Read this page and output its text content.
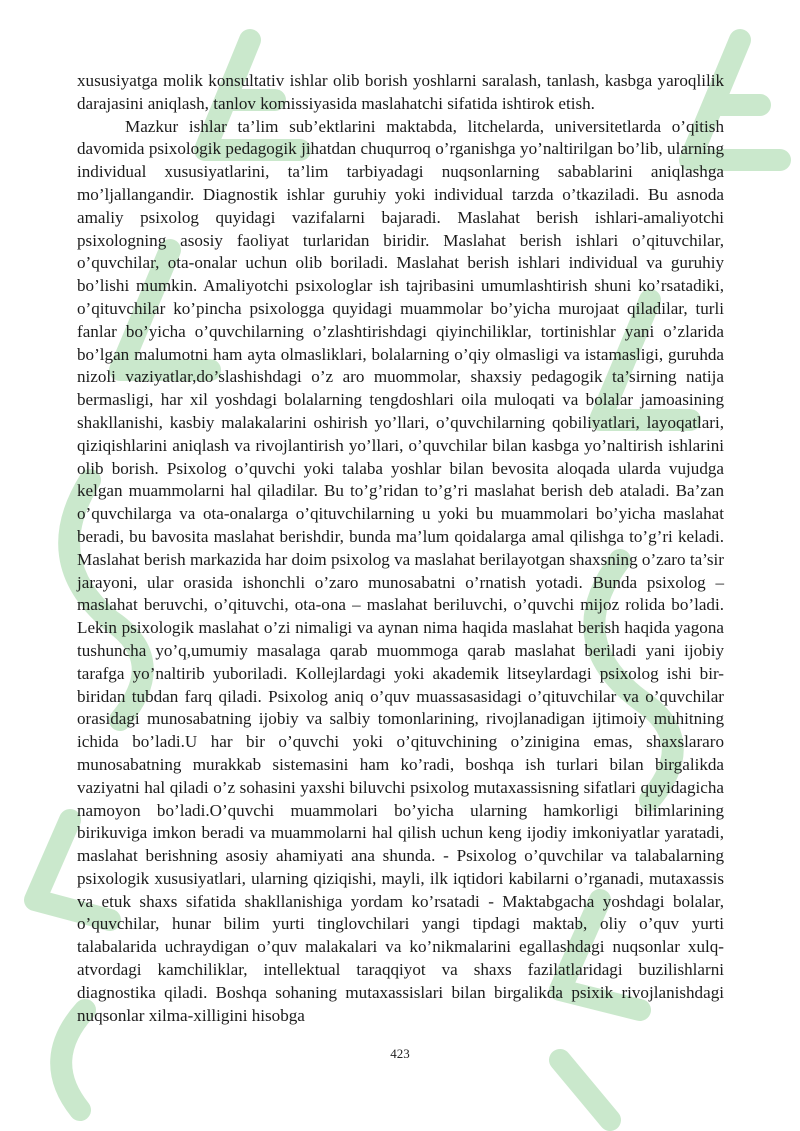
xususiyatga molik konsultativ ishlar olib borish yoshlarni saralash, tanlash, kasbga yaroqlilik darajasini aniqlash, tanlov komissiyasida maslahatchi sifatida ishtirok etish.

Mazkur ishlar ta’lim sub’ektlarini maktabda, litchelarda, universitetlarda o’qitish davomida psixologik pedagogik jihatdan chuqurroq o’rganishga yo’naltirilgan bo’lib, ularning individual xususiyatlarini, ta’lim tarbiyadagi nuqsonlarning sabablarini aniqlashga mo’ljallangandir. Diagnostik ishlar guruhiy yoki individual tarzda o’tkaziladi. Bu asnoda amaliy psixolog quyidagi vazifalarni bajaradi. Maslahat berish ishlari-amaliyotchi psixologning asosiy faoliyat turlaridan biridir. Maslahat berish ishlari o’qituvchilar, o’quvchilar, ota-onalar uchun olib boriladi. Maslahat berish ishlari individual va guruhiy bo’lishi mumkin. Amaliyotchi psixologlar ish tajribasini umumlashtirish shuni ko’rsatadiki, o’qituvchilar ko’pincha psixologga quyidagi muammolar bo’yicha murojaat qiladilar, turli fanlar bo’yicha o’quvchilarning o’zlashtirishdagi qiyinchiliklar, tortinishlar yani o’zlarida bo’lgan malumotni ham ayta olmasliklari, bolalarning o’qiy olmasligi va istamasligi, guruhda nizoli vaziyatlar,do’slashishdagi o’z aro muommolar, shaxsiy pedagogik ta’sirning natija bermasligi, har xil yoshdagi bolalarning tengdoshlari oila muloqati va bolalar jamoasining shakllanishi, kasbiy malakalarini oshirish yo’llari, o’quvchilarning qobiliyatlari, layoqatlari, qiziqishlarini aniqlash va rivojlantirish yo’llari, o’quvchilar bilan kasbga yo’naltirish ishlarini olib borish. Psixolog o’quvchi yoki talaba yoshlar bilan bevosita aloqada ularda vujudga kelgan muammolarni hal qiladilar. Bu to’g’ridan to’g’ri maslahat berish deb ataladi. Ba’zan o’quvchilarga va ota-onalarga o’qituvchilarning u yoki bu muammolari bo’yicha maslahat beradi, bu bavosita maslahat berishdir, bunda ma’lum qoidalarga amal qilishga to’g’ri keladi. Maslahat berish markazida har doim psixolog va maslahat berilayotgan shaxsning o’zaro ta’sir jarayoni, ular orasida ishonchli o’zaro munosabatni o’rnatish yotadi. Bunda psixolog – maslahat beruvchi, o’qituvchi, ota-ona – maslahat beriluvchi, o’quvchi mijoz rolida bo’ladi. Lekin psixologik maslahat o’zi nimaligi va aynan nima haqida maslahat berish haqida yagona tushuncha yo’q,umumiy masalaga qarab muommoga qarab maslahat beriladi yani ijobiy tarafga yo’naltirib yuboriladi. Kollejlardagi yoki akademik litseylardagi psixolog ishi bir-biridan tubdan farq qiladi. Psixolog aniq o’quv muassasasidagi o’qituvchilar va o’quvchilar orasidagi munosabatning ijobiy va salbiy tomonlarining, rivojlanadigan ijtimoiy muhitning ichida bo’ladi.U har bir o’quvchi yoki o’qituvchining o’zinigina emas, shaxslararo munosabatning murakkab sistemasini ham ko’radi, boshqa ish turlari bilan birgalikda vaziyatni hal qiladi o’z sohasini yaxshi biluvchi psixolog mutaxassisning sifatlari quyidagicha namoyon bo’ladi.O’quvchi muammolari bo’yicha ularning hamkorligi bilimlarining birikuviga imkon beradi va muammolarni hal qilish uchun keng ijodiy imkoniyatlar yaratadi, maslahat berishning asosiy ahamiyati ana shunda. - Psixolog o’quvchilar va talabalarning psixologik xususiyatlari, ularning qiziqishi, mayli, ilk iqtidori kabilarni o’rganadi, mutaxassis va etuk shaxs sifatida shakllanishiga yordam ko’rsatadi - Maktabgacha yoshdagi bolalar, o’quvchilar, hunar bilim yurti tinglovchilari yangi tipdagi maktab, oliy o’quv yurti talabalarida uchraydigan o’quv malakalari va ko’nikmalarini egallashdagi nuqsonlar xulq-atvordagi kamchiliklar, intellektual taraqqiyot va shaxs fazilatlaridagi buzilishlarni diagnostika qiladi. Boshqa sohaning mutaxassislari bilan birgalikda psixik rivojlanishdagi nuqsonlar xilma-xilligini hisobga

423
